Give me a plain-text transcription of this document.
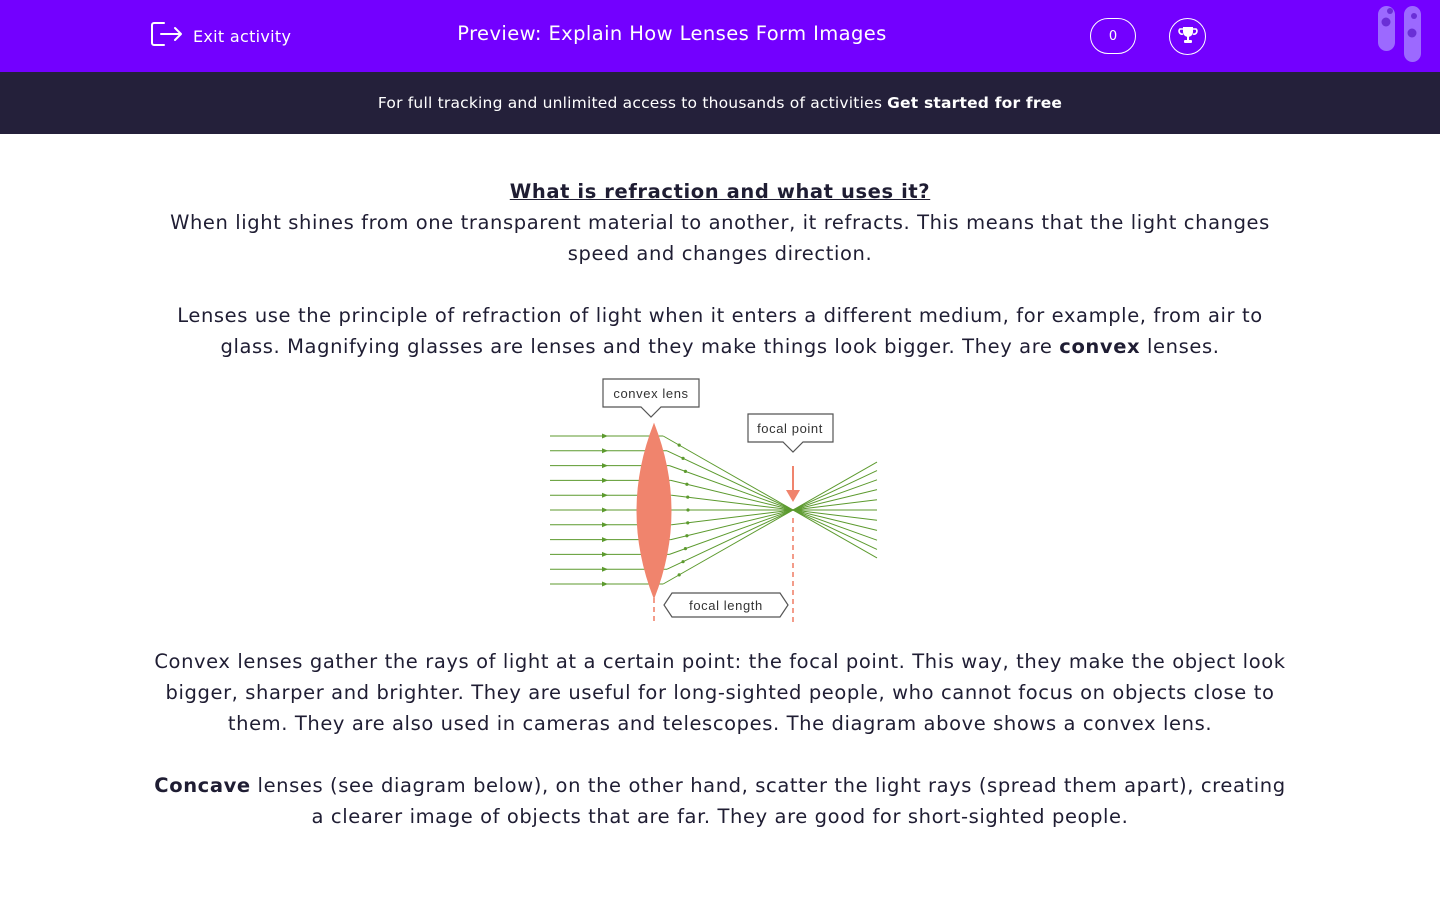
Exit activity	Preview: Explain How Lenses Form Images	0
For full tracking and unlimited access to thousands of activities Get started for free
What is refraction and what uses it?

When light shines from one transparent material to another, it refracts. This means that the light changes speed and changes direction.

Lenses use the principle of refraction of light when it enters a different medium, for example, from air to glass. Magnifying glasses are lenses and they make things look bigger. They are convex lenses.

convex lens
focal point
focal length

Convex lenses gather the rays of light at a certain point: the focal point. This way, they make the object look bigger, sharper and brighter. They are useful for long-sighted people, who cannot focus on objects close to them. They are also used in cameras and telescopes. The diagram above shows a convex lens.

Concave lenses (see diagram below), on the other hand, scatter the light rays (spread them apart), creating a clearer image of objects that are far. They are good for short-sighted people.
